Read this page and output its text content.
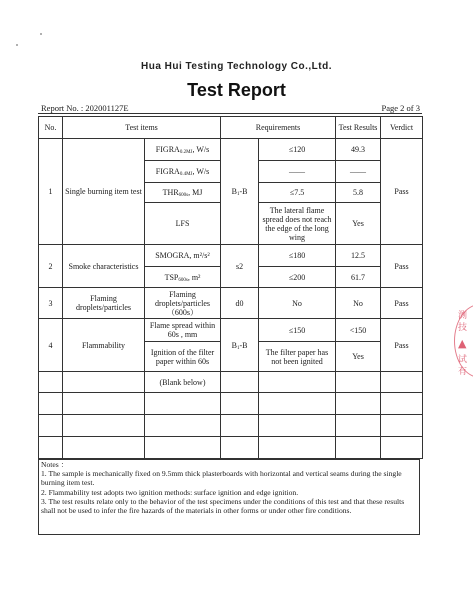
Hua Hui Testing Technology Co.,Ltd.
Test Report
Report No. : 202001127E	Page 2 of 3
No.	Test items		Requirements		Test Results	Verdict
1	Single burning item test	$FIGRA_{0.2MJ}$, W/s	$B_1-B$	≤120	49.3	Pass
		$FIGRA_{0.4MJ}$, W/s		——	——	
		$THR_{600s}$, MJ		≤7.5	5.8	
		LFS		The lateral flame spread does not reach the edge of the long wing	Yes	
2	Smoke characteristics	SMOGRA, m²/s²	s2	≤180	12.5	Pass
		$TSP_{600s}$, m²		≤200	61.7	
3	Flaming droplets/particles	Flaming droplets/particles （600s）	d0	No	No	Pass
4	Flammability	Flame spread within 60s , mm	$B_1-B$	≤150	<150	Pass
		Ignition of the filter paper within 60s		The filter paper has not been ignited	Yes	
		(Blank below)				

Notes ：

1. The sample is mechanically fixed on 9.5mm thick plasterboards with horizontal and vertical seams during the single burning item test.

2. Flammability test adopts two ignition methods: surface ignition and edge ignition.

3. The test results relate only to the behavior of the test specimens under the conditions of this test and that these results shall not be used to infer the fire hazards of the materials in other forms or under other fire conditions.

测
技
▲
试
有
